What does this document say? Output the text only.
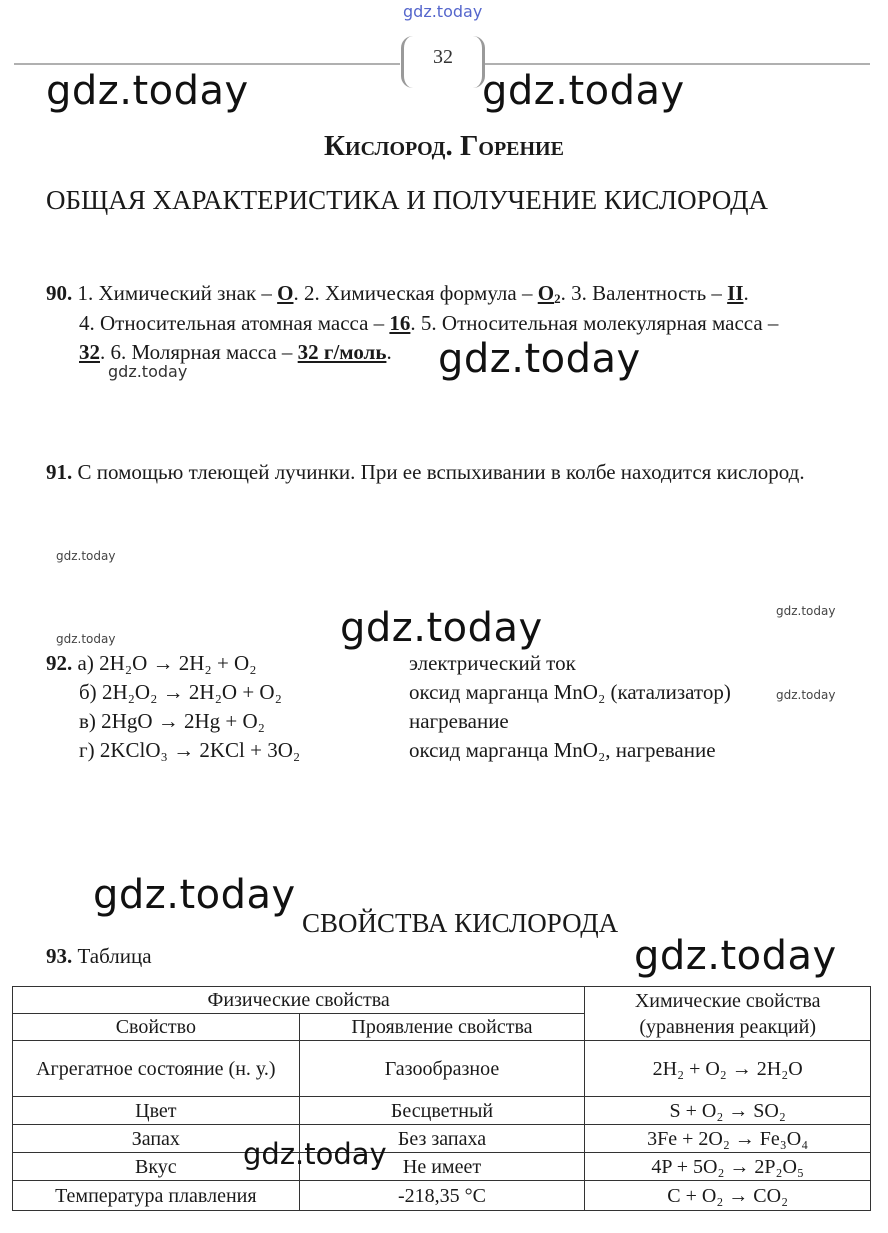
gdz.today
32
gdz.today	gdz.today
Кислород. Горение
ОБЩАЯ ХАРАКТЕРИСТИКА И ПОЛУЧЕНИЕ КИСЛОРОДА
90. 1. Химический знак – O. 2. Химическая формула – $O_2$. 3. Валентность – II.
4. Относительная атомная масса – 16. 5. Относительная молекулярная масса –
32. 6. Молярная масса – 32 г/моль. gdz.today
gdz.today
91. С помощью тлеющей лучинки. При ее вспыхивании в колбе находится кислород.
gdz.today
gdz.today
gdz.today
gdz.today
92. а) 2H₂O → 2H₂ + O₂	электрический ток
б) 2H₂O₂ → 2H₂O + O₂	оксид марганца MnO₂ (катализатор)	gdz.today
в) 2HgO → 2Hg + O₂	нагревание
г) 2KClO₃ → 2KCl + 3O₂	оксид марганца MnO₂, нагревание
gdz.today
СВОЙСТВА КИСЛОРОДА
gdz.today
93. Таблица
Физические свойства		Химические свойства (уравнения реакций)
Свойство	Проявление свойства	
Агрегатное состояние (н. у.)	Газообразное	2H₂ + O₂ → 2H₂O
Цвет	Бесцветный	S + O₂ → SO₂
Запах	Без запаха	3Fe + 2O₂ → Fe₃O₄
Вкус	Не имеет	4P + 5O₂ → 2P₂O₅
Температура плавления	-218,35 °C	C + O₂ → CO₂
gdz.today
